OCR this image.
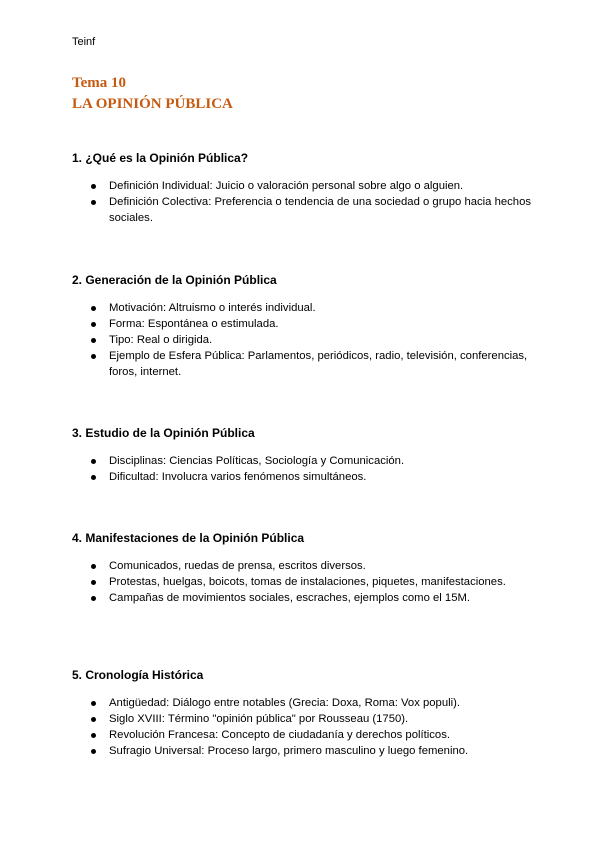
Teinf
Tema 10
LA OPINIÓN PÚBLICA
1. ¿Qué es la Opinión Pública?
Definición Individual: Juicio o valoración personal sobre algo o alguien.
Definición Colectiva: Preferencia o tendencia de una sociedad o grupo hacia hechos sociales.
2. Generación de la Opinión Pública
Motivación: Altruismo o interés individual.
Forma: Espontánea o estimulada.
Tipo: Real o dirigida.
Ejemplo de Esfera Pública: Parlamentos, periódicos, radio, televisión, conferencias, foros, internet.
3. Estudio de la Opinión Pública
Disciplinas: Ciencias Políticas, Sociología y Comunicación.
Dificultad: Involucra varios fenómenos simultáneos.
4. Manifestaciones de la Opinión Pública
Comunicados, ruedas de prensa, escritos diversos.
Protestas, huelgas, boicots, tomas de instalaciones, piquetes, manifestaciones.
Campañas de movimientos sociales, escraches, ejemplos como el 15M.
5. Cronología Histórica
Antigüedad: Diálogo entre notables (Grecia: Doxa, Roma: Vox populi).
Siglo XVIII: Término "opinión pública" por Rousseau (1750).
Revolución Francesa: Concepto de ciudadanía y derechos políticos.
Sufragio Universal: Proceso largo, primero masculino y luego femenino.
